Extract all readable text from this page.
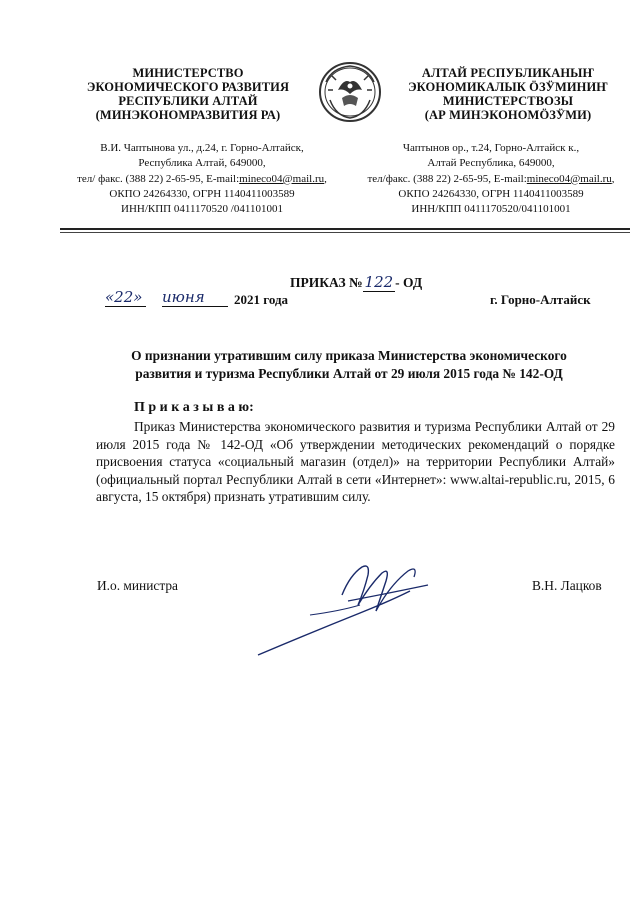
МИНИСТЕРСТВО
ЭКОНОМИЧЕСКОГО РАЗВИТИЯ
РЕСПУБЛИКИ АЛТАЙ
(МИНЭКОНОМРАЗВИТИЯ РА)
В.И. Чаптынова ул., д.24, г. Горно-Алтайск,
Республика Алтай, 649000,
тел/ факс. (388 22) 2-65-95, E-mail:mineco04@mail.ru,
ОКПО 24264330, ОГРН 1140411003589
ИНН/КПП 0411170520 /041101001
АЛТАЙ РЕСПУБЛИКАНЫҤ
ЭКОНОМИКАЛЫК ÖЗӰМИНИҤ
МИНИСТЕРСТВОЗЫ
(АР МИНЭКОНОМÖЗӰМИ)
Чаптынов ор., т.24, Горно-Алтайск к.,
Алтай Республика, 649000,
тел/факс. (388 22) 2-65-95, E-mail:mineco04@mail.ru,
ОКПО 24264330, ОГРН 1140411003589
ИНН/КПП 0411170520/041101001
ПРИКАЗ № 122 - ОД
«22» июня	2021 года	г. Горно-Алтайск
О признании утратившим силу приказа Министерства экономического
развития и туризма Республики Алтай от 29 июля 2015 года № 142-ОД
П р и к а з ы в а ю:
Приказ Министерства экономического развития и туризма Республики Алтай от 29 июля 2015 года № 142-ОД «Об утверждении методических рекомендаций о порядке присвоения статуса «социальный магазин (отдел)» на территории Республики Алтай» (официальный портал Республики Алтай в сети «Интернет»: www.altai-republic.ru, 2015, 6 августа, 15 октября) признать утратившим силу.
И.о. министра	В.Н. Лацков
